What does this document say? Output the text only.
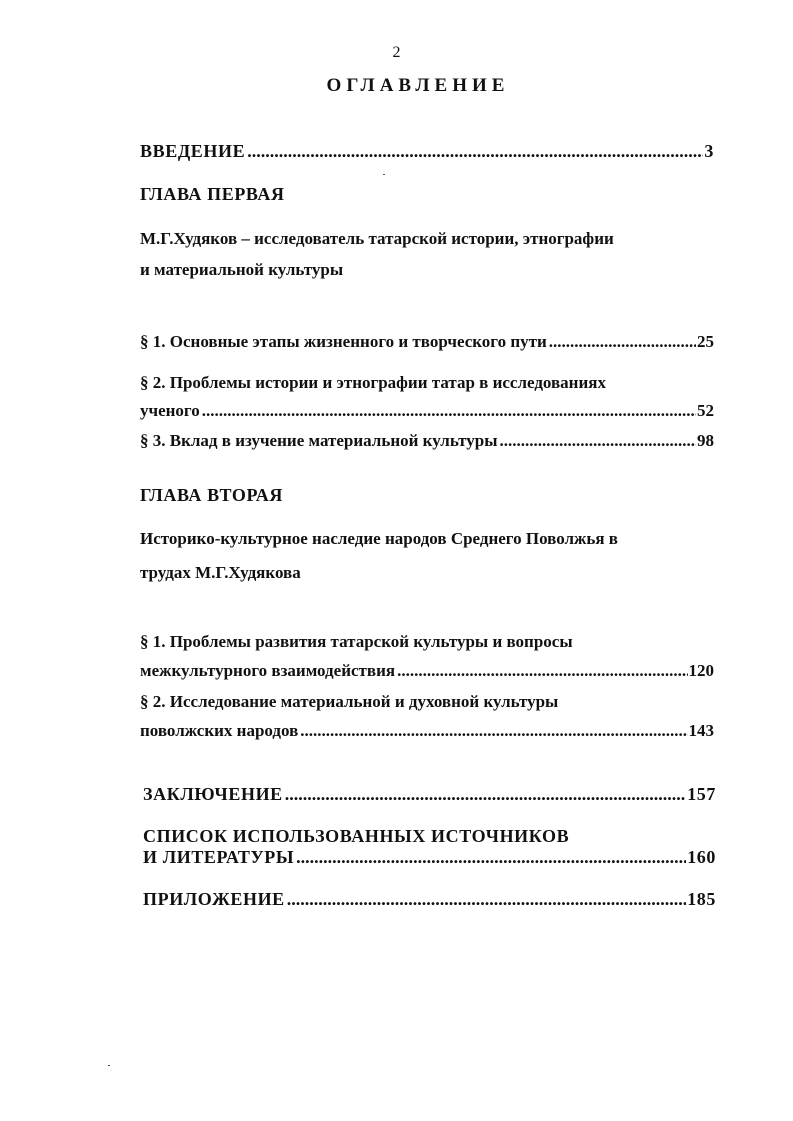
2
ОГЛАВЛЕНИЕ
ВВЕДЕНИЕ .....	3
ГЛАВА ПЕРВАЯ
М.Г.Худяков – исследователь татарской истории, этнографии
и материальной культуры
§ 1. Основные этапы жизненного и творческого пути .....	25
§ 2. Проблемы истории и этнографии татар в исследованиях
ученого .....	52
§ 3. Вклад в изучение материальной культуры .....	98
ГЛАВА ВТОРАЯ
Историко-культурное наследие народов Среднего Поволжья в
трудах М.Г.Худякова
§ 1. Проблемы развития татарской культуры и вопросы
межкультурного взаимодействия .....	120
§ 2. Исследование материальной и духовной культуры
поволжских народов .....	143
ЗАКЛЮЧЕНИЕ .....	157
СПИСОК ИСПОЛЬЗОВАННЫХ ИСТОЧНИКОВ
И ЛИТЕРАТУРЫ .....	160
ПРИЛОЖЕНИЕ .....	185
